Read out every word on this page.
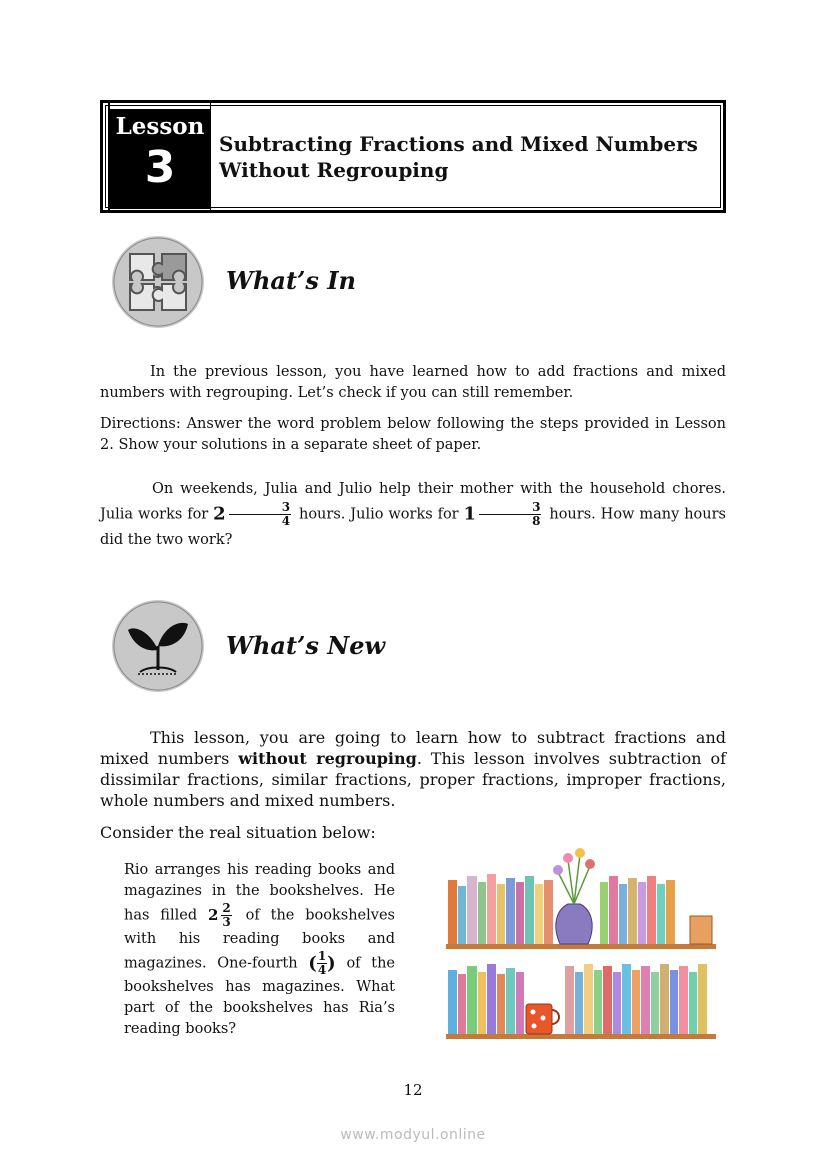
Lesson
3	Subtracting Fractions and Mixed Numbers
Without Regrouping
What’s In
In the previous lesson, you have learned how to add fractions and mixed numbers with regrouping. Let’s check if you can still remember.
Directions: Answer the word problem below following the steps provided in Lesson 2. Show your solutions in a separate sheet of paper.
On weekends, Julia and Julio help their mother with the household chores. Julia works for $2 \frac{3}{4}$ hours. Julio works for $1 \frac{3}{8}$ hours. How many hours did the two work?
What’s New
This lesson, you are going to learn how to subtract fractions and mixed numbers without regrouping. This lesson involves subtraction of dissimilar fractions, similar fractions, proper fractions, improper fractions, whole numbers and mixed numbers.
Consider the real situation below:
Rio arranges his reading books and magazines in the bookshelves. He has filled $2 \frac{2}{3}$ of the bookshelves with his reading books and magazines. One-fourth ( $\frac{1}{4}$ ) of the bookshelves has magazines. What part of the bookshelves has Ria’s reading books?
12
www.modyul.online
